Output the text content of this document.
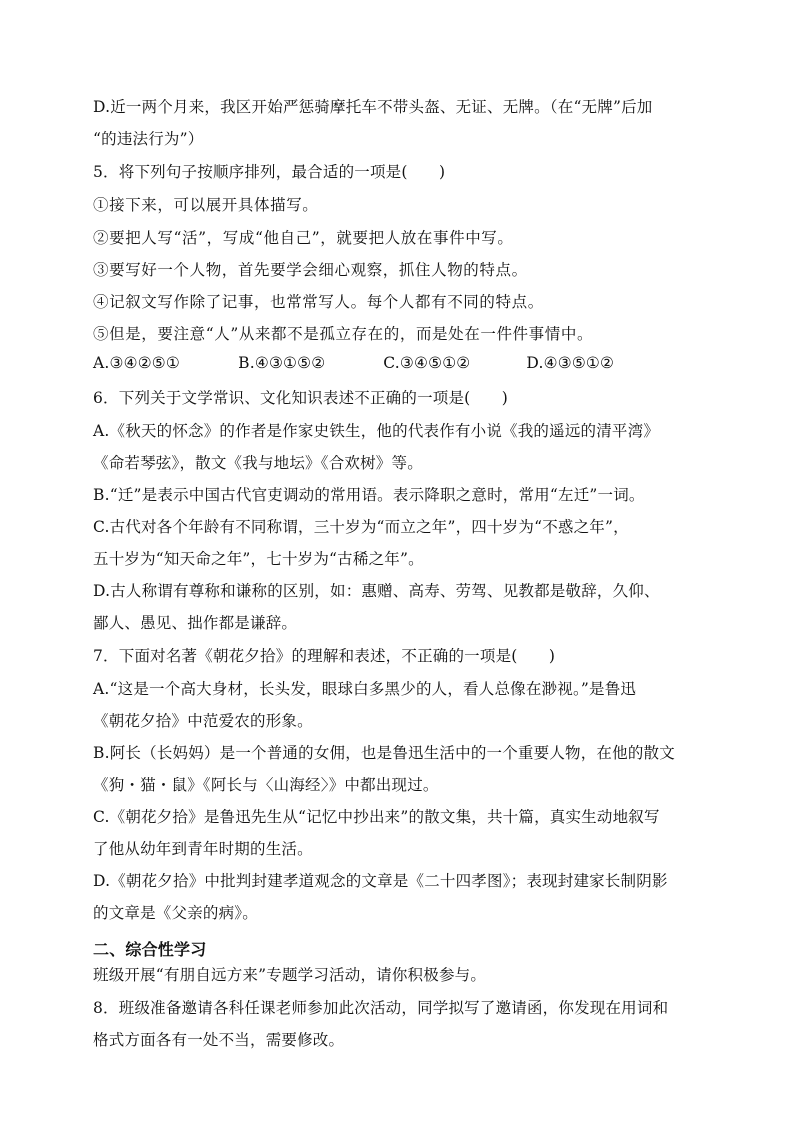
D.近一两个月来，我区开始严惩骑摩托车不带头盔、无证、无牌。（在“无牌”后加
“的违法行为”）
5．将下列句子按顺序排列，最合适的一项是(　　)
①接下来，可以展开具体描写。
②要把人写“活”，写成“他自己”，就要把人放在事件中写。
③要写好一个人物，首先要学会细心观察，抓住人物的特点。
④记叙文写作除了记事，也常常写人。每个人都有不同的特点。
⑤但是，要注意“人”从来都不是孤立存在的，而是处在一件件事情中。
A.③④②⑤①	B.④③①⑤②	C.③④⑤①②	D.④③⑤①②
6．下列关于文学常识、文化知识表述不正确的一项是(　　)
A.《秋天的怀念》的作者是作家史铁生，他的代表作有小说《我的遥远的清平湾》
《命若琴弦》，散文《我与地坛》《合欢树》等。
B.“迁”是表示中国古代官吏调动的常用语。表示降职之意时，常用“左迁”一词。
C.古代对各个年龄有不同称谓，三十岁为“而立之年”，四十岁为“不惑之年”，
五十岁为“知天命之年”，七十岁为“古稀之年”。
D.古人称谓有尊称和谦称的区别，如：惠赠、高寿、劳驾、见教都是敬辞，久仰、
鄙人、愚见、拙作都是谦辞。
7．下面对名著《朝花夕拾》的理解和表述，不正确的一项是(　　)
A.“这是一个高大身材，长头发，眼球白多黑少的人，看人总像在渺视。”是鲁迅
《朝花夕拾》中范爱农的形象。
B.阿长（长妈妈）是一个普通的女佣，也是鲁迅生活中的一个重要人物，在他的散文
《狗・猫・鼠》《阿长与〈山海经〉》中都出现过。
C.《朝花夕拾》是鲁迅先生从“记忆中抄出来”的散文集，共十篇，真实生动地叙写
了他从幼年到青年时期的生活。
D.《朝花夕拾》中批判封建孝道观念的文章是《二十四孝图》；表现封建家长制阴影
的文章是《父亲的病》。
二、综合性学习
班级开展“有朋自远方来”专题学习活动，请你积极参与。
8．班级准备邀请各科任课老师参加此次活动，同学拟写了邀请函，你发现在用词和
格式方面各有一处不当，需要修改。
